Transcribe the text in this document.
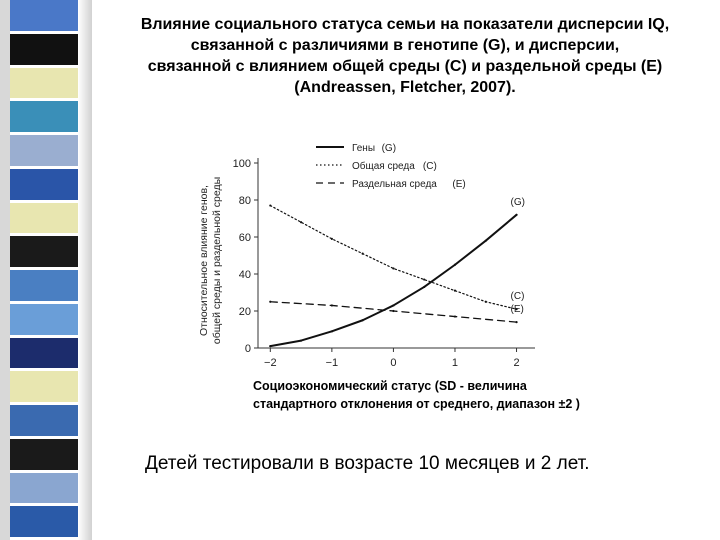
Влияние социального статуса семьи на показатели дисперсии IQ,
связанной с различиями в генотипе (G), и дисперсии,
связанной с влиянием общей среды (C) и раздельной среды (E)
(Andreassen, Fletcher, 2007).
Гены (G)
Общая среда (C)
Раздельная среда (E)
Относительное влияние генов, общей среды и раздельной среды
0
20
40
60
80
100
−2	−1	0	1	2
(G)
(C)
(E)
Социоэкономический статус (SD - величина
стандартного отклонения от среднего, диапазон ±2 )
Детей тестировали в возрасте 10 месяцев и 2 лет.
